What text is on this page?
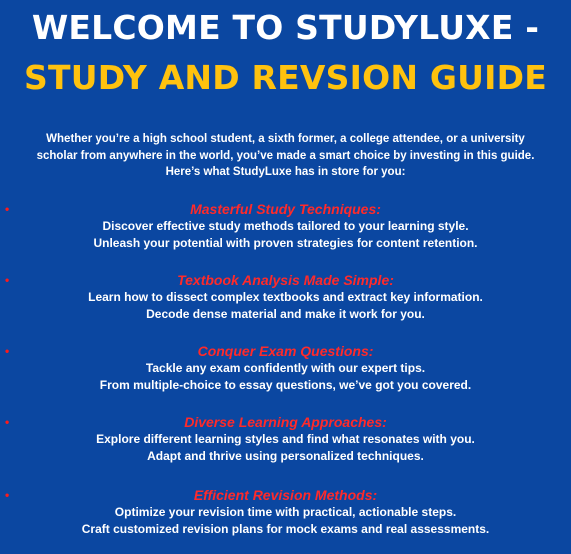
WELCOME TO STUDYLUXE -
STUDY AND REVSION GUIDE
Whether you’re a high school student, a sixth former, a college attendee, or a university
scholar from anywhere in the world, you’ve made a smart choice by investing in this guide.
Here’s what StudyLuxe has in store for you:
•	Masterful Study Techniques:
Discover effective study methods tailored to your learning style.
Unleash your potential with proven strategies for content retention.
•	Textbook Analysis Made Simple:
Learn how to dissect complex textbooks and extract key information.
Decode dense material and make it work for you.
•	Conquer Exam Questions:
Tackle any exam confidently with our expert tips.
From multiple-choice to essay questions, we’ve got you covered.
•	Diverse Learning Approaches:
Explore different learning styles and find what resonates with you.
Adapt and thrive using personalized techniques.
•	Efficient Revision Methods:
Optimize your revision time with practical, actionable steps.
Craft customized revision plans for mock exams and real assessments.
